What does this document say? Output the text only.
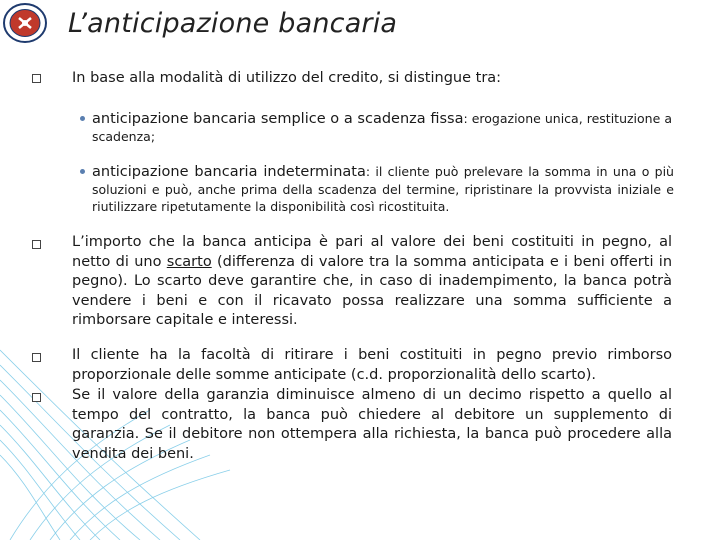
L’anticipazione bancaria
In base alla modalità di utilizzo del credito, si distingue tra:
anticipazione bancaria semplice o a scadenza fissa: erogazione unica, restituzione a scadenza;
anticipazione bancaria indeterminata: il cliente può prelevare la somma in una o più soluzioni e può, anche prima della scadenza del termine, ripristinare la provvista iniziale e riutilizzare ripetutamente la disponibilità così ricostituita.
L’importo che la banca anticipa è pari al valore dei beni costituiti in pegno, al netto di uno scarto (differenza di valore tra la somma anticipata e i beni offerti in pegno). Lo scarto deve garantire che, in caso di inadempimento, la banca potrà vendere i beni e con il ricavato possa realizzare una somma sufficiente a rimborsare capitale e interessi.
Il cliente ha la facoltà di ritirare i beni costituiti in pegno previo rimborso proporzionale delle somme anticipate (c.d. proporzionalità dello scarto).
Se il valore della garanzia diminuisce almeno di un decimo rispetto a quello al tempo del contratto, la banca può chiedere al debitore un supplemento di garanzia. Se il debitore non ottempera alla richiesta, la banca può procedere alla vendita dei beni.
